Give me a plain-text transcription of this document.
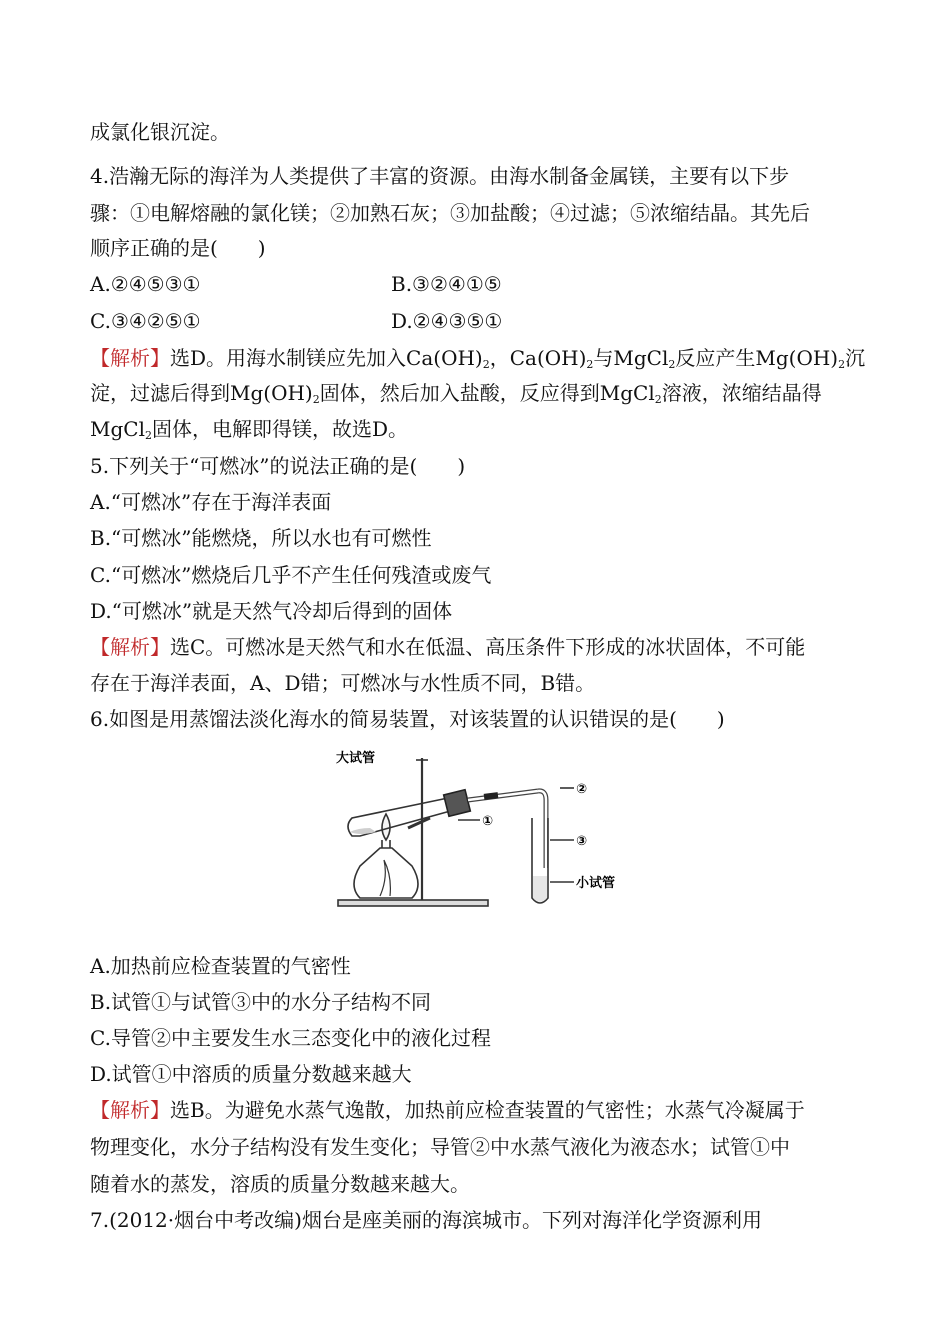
成氯化银沉淀。
4.浩瀚无际的海洋为人类提供了丰富的资源。由海水制备金属镁，主要有以下步
骤：①电解熔融的氯化镁；②加熟石灰；③加盐酸；④过滤；⑤浓缩结晶。其先后
顺序正确的是(　　)
A.②④⑤③①	B.③②④①⑤
C.③④②⑤①	D.②④③⑤①
【解析】选D。用海水制镁应先加入$Ca(OH)_2$，$Ca(OH)_2$与MgCl$_2$反应产生$Mg(OH)_2$沉
淀，过滤后得到$Mg(OH)_2$固体，然后加入盐酸，反应得到MgCl$_2$溶液，浓缩结晶得
MgCl$_2$固体，电解即得镁，故选D。
5.下列关于“可燃冰”的说法正确的是(　　)
A.“可燃冰”存在于海洋表面
B.“可燃冰”能燃烧，所以水也有可燃性
C.“可燃冰”燃烧后几乎不产生任何残渣或废气
D.“可燃冰”就是天然气冷却后得到的固体
【解析】选C。可燃冰是天然气和水在低温、高压条件下形成的冰状固体，不可能
存在于海洋表面，A、D错；可燃冰与水性质不同，B错。
6.如图是用蒸馏法淡化海水的简易装置，对该装置的认识错误的是(　　)
大试管
②
③
小试管
①
A.加热前应检查装置的气密性
B.试管①与试管③中的水分子结构不同
C.导管②中主要发生水三态变化中的液化过程
D.试管①中溶质的质量分数越来越大
【解析】选B。为避免水蒸气逸散，加热前应检查装置的气密性；水蒸气冷凝属于
物理变化，水分子结构没有发生变化；导管②中水蒸气液化为液态水；试管①中
随着水的蒸发，溶质的质量分数越来越大。
7.(2012·烟台中考改编)烟台是座美丽的海滨城市。下列对海洋化学资源利用
